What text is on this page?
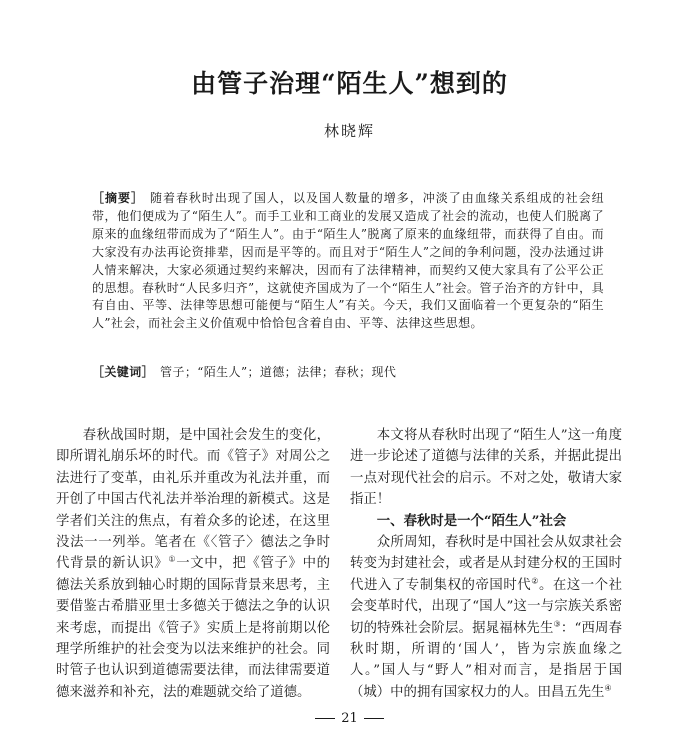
由管子治理“陌生人”想到的
林晓辉
［摘要］ 随着春秋时出现了国人，以及国人数量的增多，冲淡了由血缘关系组成的社会纽带，他们便成为了“陌生人”。而手工业和工商业的发展又造成了社会的流动，也使人们脱离了原来的血缘纽带而成为了“陌生人”。由于“陌生人”脱离了原来的血缘纽带，而获得了自由。而大家没有办法再论资排辈，因而是平等的。而且对于“陌生人”之间的争利问题，没办法通过讲人情来解决，大家必须通过契约来解决，因而有了法律精神，而契约又使大家具有了公平公正的思想。春秋时“人民多归齐”，这就使齐国成为了一个“陌生人”社会。管子治齐的方针中，具有自由、平等、法律等思想可能便与“陌生人”有关。今天，我们又面临着一个更复杂的“陌生人”社会，而社会主义价值观中恰恰包含着自由、平等、法律这些思想。
［关键词］ 管子；“陌生人”；道德；法律；春秋；现代

春秋战国时期，是中国社会发生的变化，即所谓礼崩乐坏的时代。而《管子》对周公之法进行了变革，由礼乐并重改为礼法并重，而开创了中国古代礼法并举治理的新模式。这是学者们关注的焦点，有着众多的论述，在这里没法一一列举。笔者在《〈管子〉德法之争时代背景的新认识》①一文中，把《管子》中的德法关系放到轴心时期的国际背景来思考，主要借鉴古希腊亚里士多德关于德法之争的认识来考虑，而提出《管子》实质上是将前期以伦理学所维护的社会变为以法来维护的社会。同时管子也认识到道德需要法律，而法律需要道德来滋养和补充，法的难题就交给了道德。

本文将从春秋时出现了“陌生人”这一角度进一步论述了道德与法律的关系，并据此提出一点对现代社会的启示。不对之处，敬请大家指正！

一、春秋时是一个“陌生人”社会

众所周知，春秋时是中国社会从奴隶社会转变为封建社会，或者是从封建分权的王国时代进入了专制集权的帝国时代②。在这一个社会变革时代，出现了“国人”这一与宗族关系密切的特殊社会阶层。据晁福林先生③：“西周春秋时期，所谓的‘国人’，皆为宗族血缘之人。”国人与“野人”相对而言，是指居于国（城）中的拥有国家权力的人。田昌五先生④

21
